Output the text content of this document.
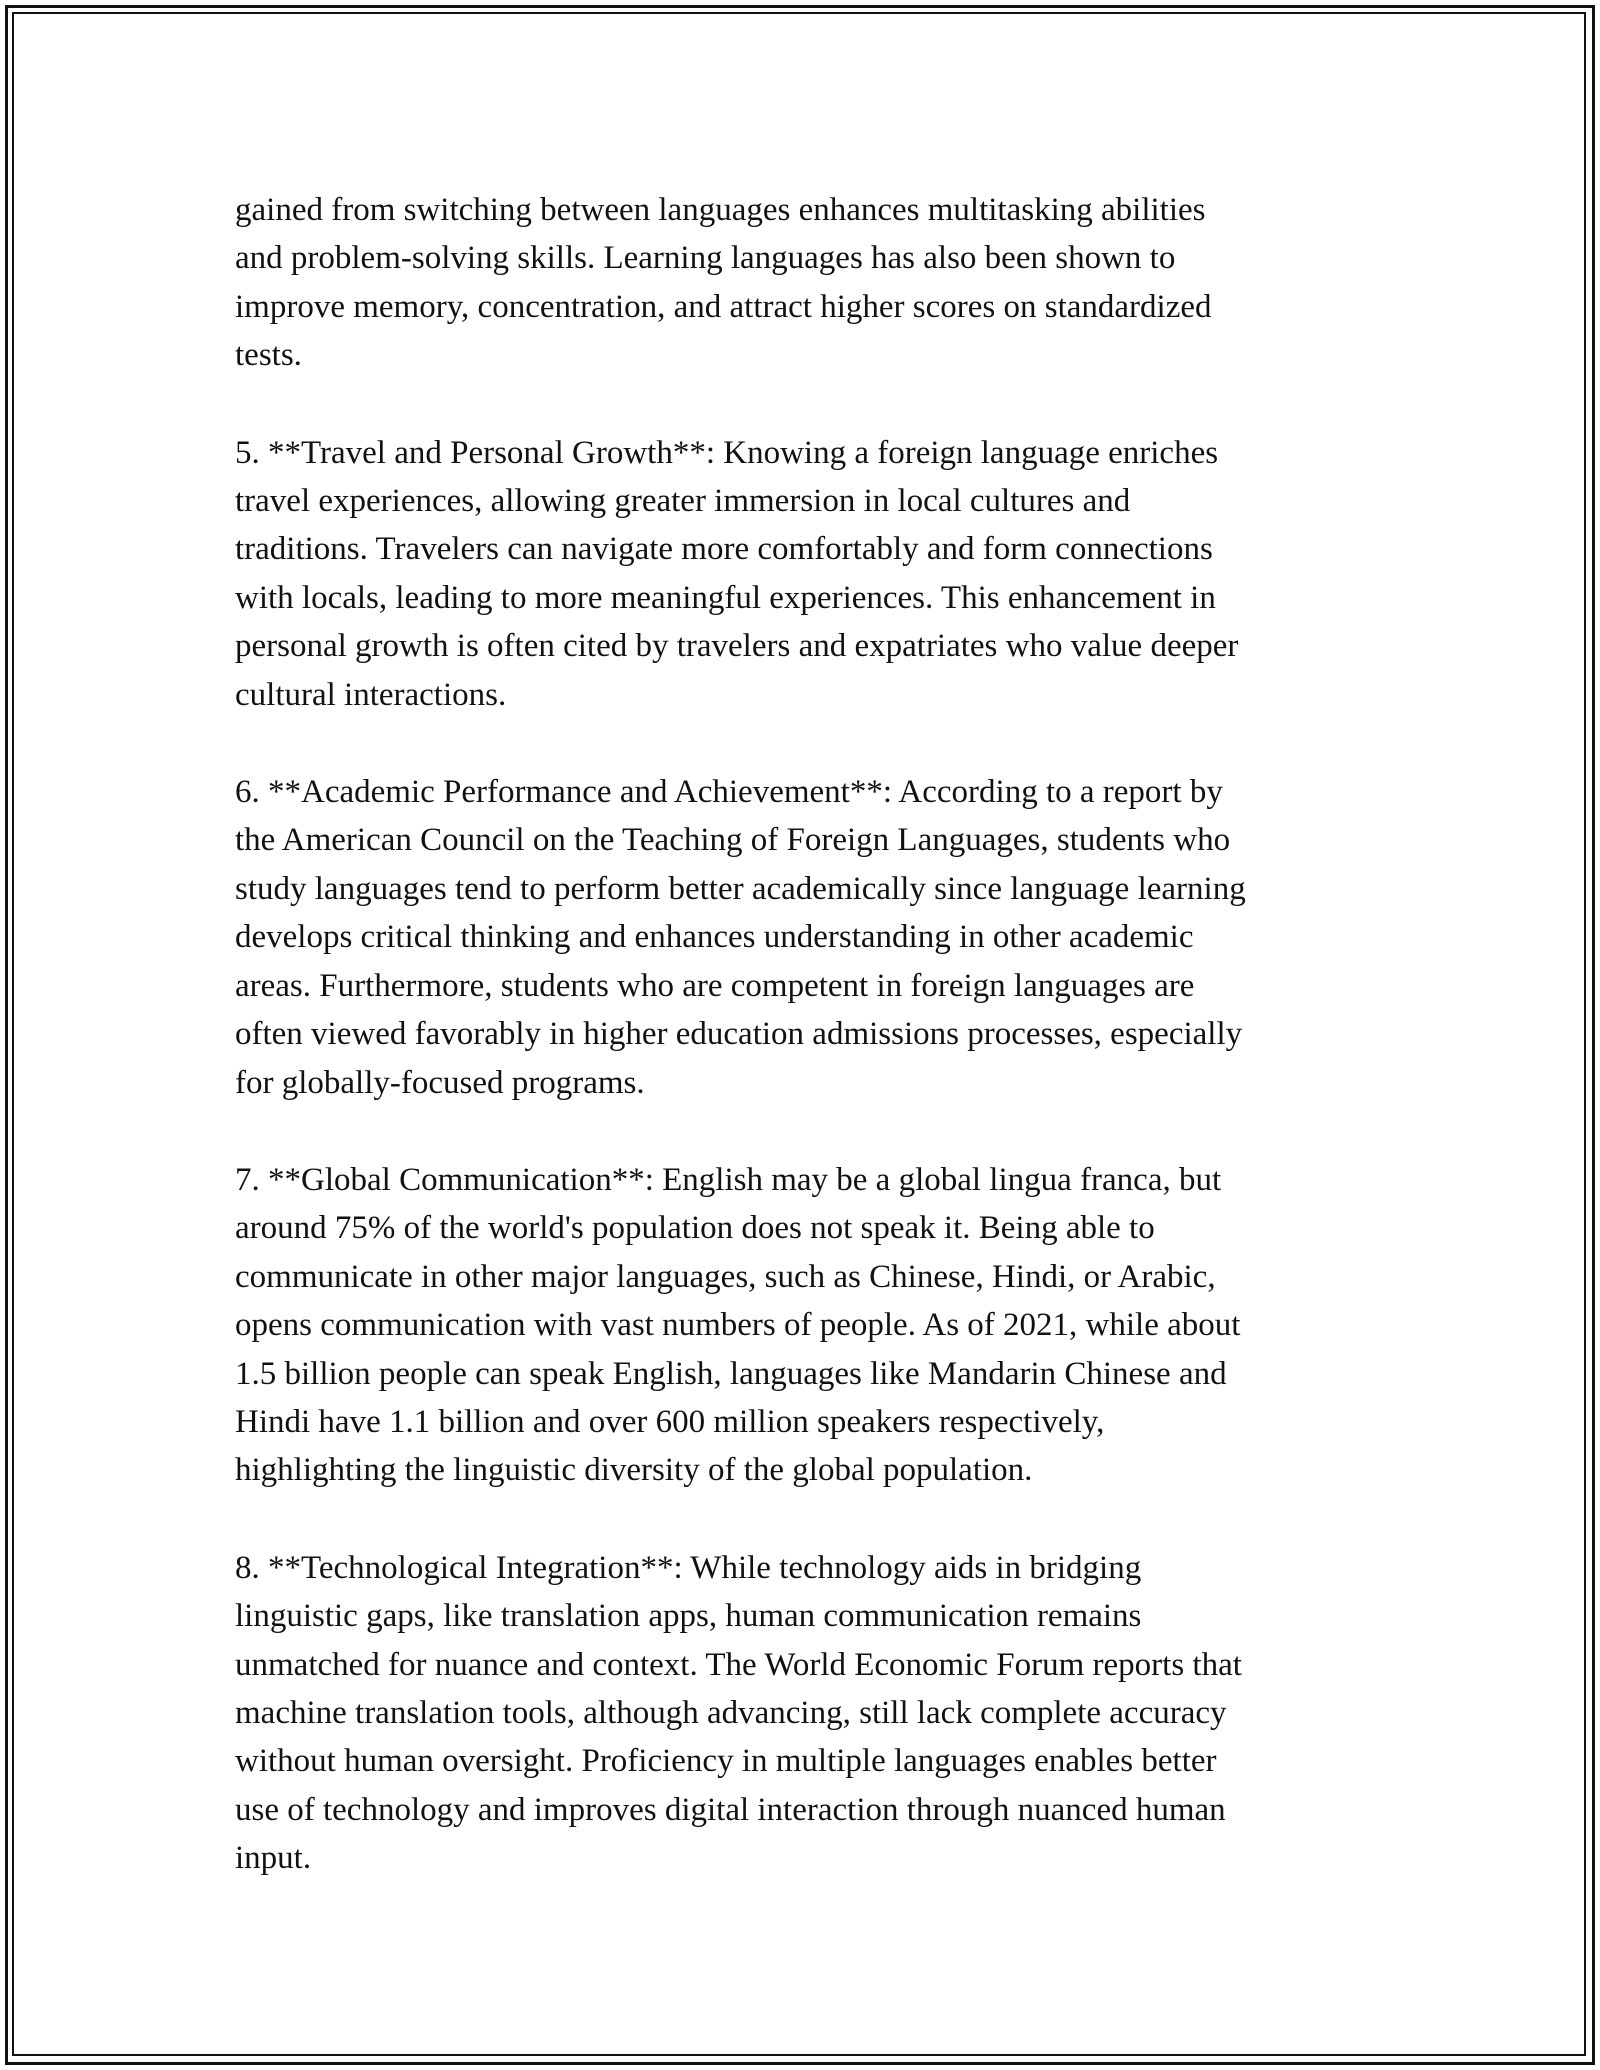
gained from switching between languages enhances multitasking abilities
and problem-solving skills. Learning languages has also been shown to
improve memory, concentration, and attract higher scores on standardized
tests.

5. **Travel and Personal Growth**: Knowing a foreign language enriches
travel experiences, allowing greater immersion in local cultures and
traditions. Travelers can navigate more comfortably and form connections
with locals, leading to more meaningful experiences. This enhancement in
personal growth is often cited by travelers and expatriates who value deeper
cultural interactions.

6. **Academic Performance and Achievement**: According to a report by
the American Council on the Teaching of Foreign Languages, students who
study languages tend to perform better academically since language learning
develops critical thinking and enhances understanding in other academic
areas. Furthermore, students who are competent in foreign languages are
often viewed favorably in higher education admissions processes, especially
for globally-focused programs.

7. **Global Communication**: English may be a global lingua franca, but
around 75% of the world's population does not speak it. Being able to
communicate in other major languages, such as Chinese, Hindi, or Arabic,
opens communication with vast numbers of people. As of 2021, while about
1.5 billion people can speak English, languages like Mandarin Chinese and
Hindi have 1.1 billion and over 600 million speakers respectively,
highlighting the linguistic diversity of the global population.

8. **Technological Integration**: While technology aids in bridging
linguistic gaps, like translation apps, human communication remains
unmatched for nuance and context. The World Economic Forum reports that
machine translation tools, although advancing, still lack complete accuracy
without human oversight. Proficiency in multiple languages enables better
use of technology and improves digital interaction through nuanced human
input.
